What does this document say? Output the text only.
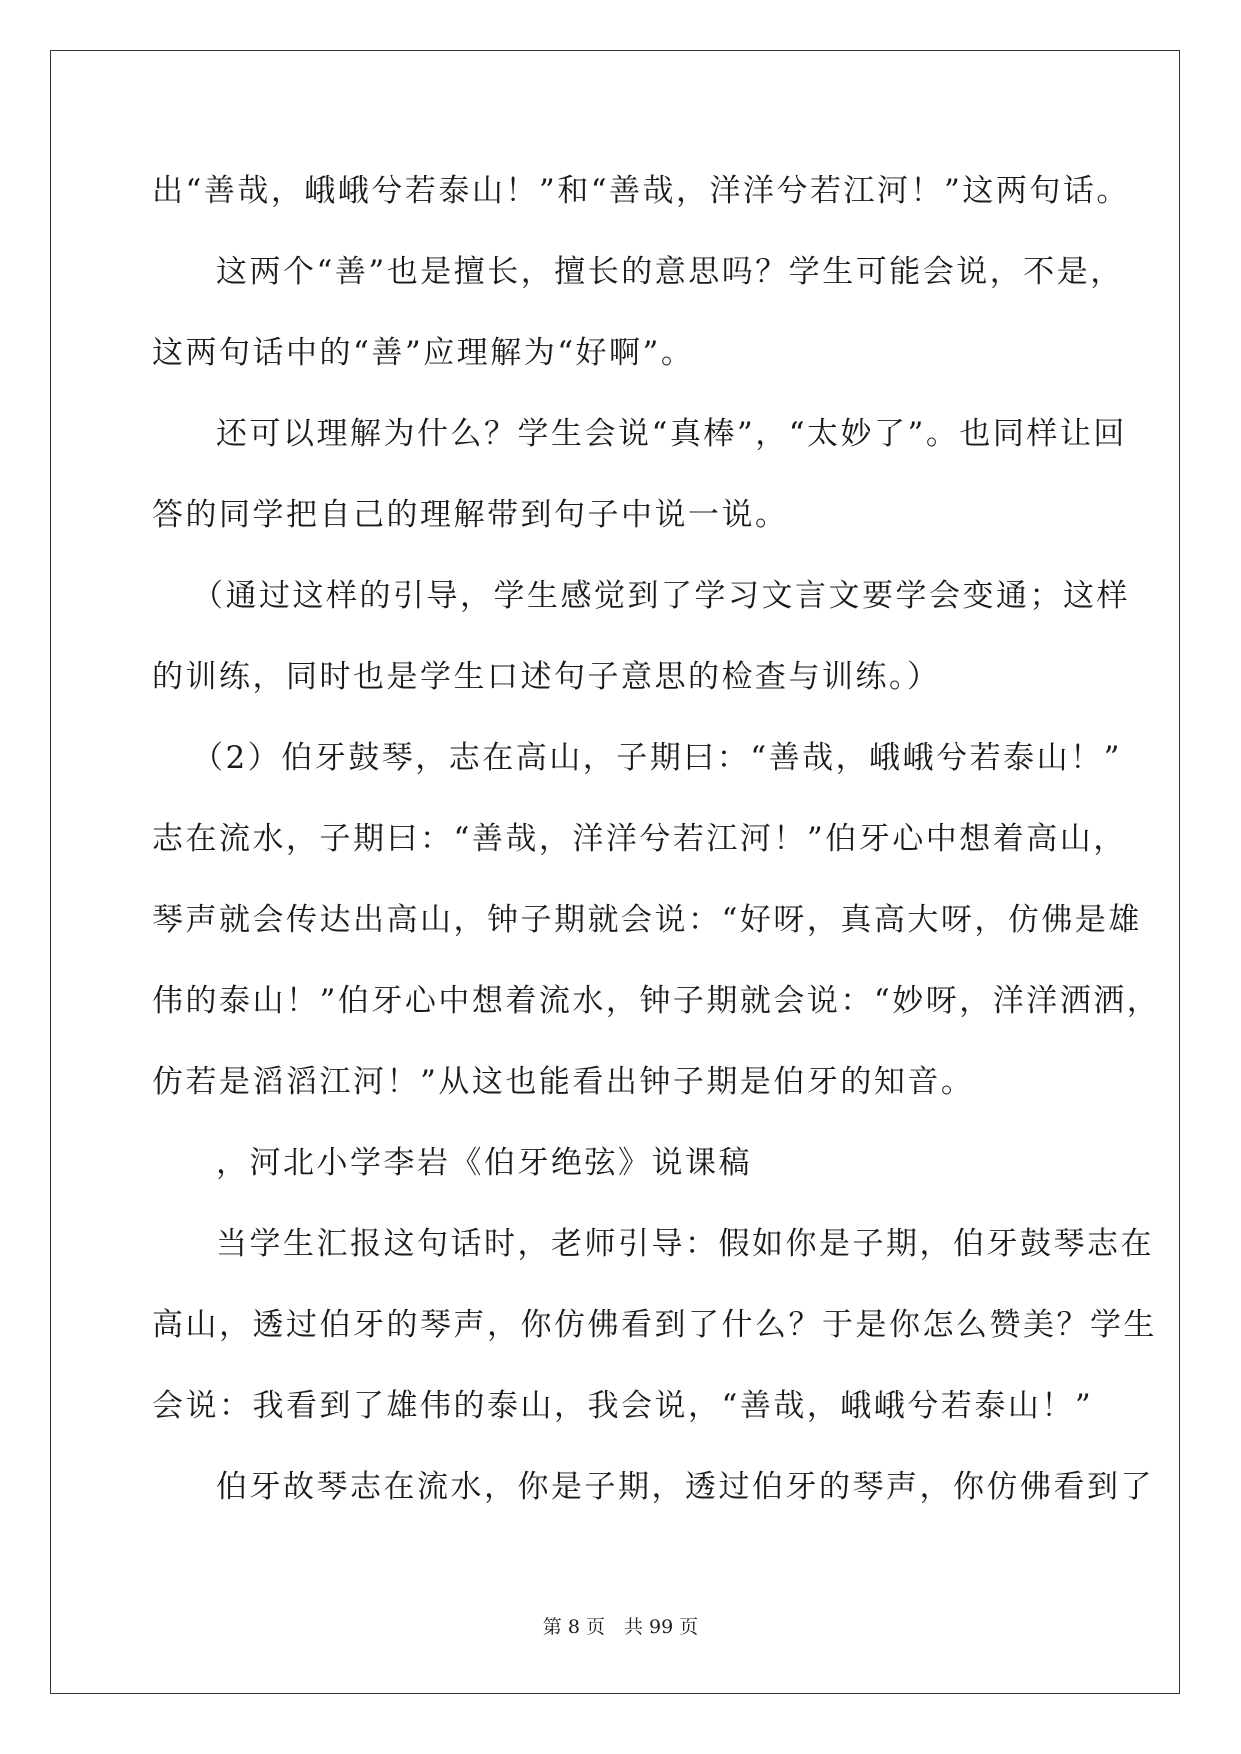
出“善哉，峨峨兮若泰山！”和“善哉，洋洋兮若江河！”这两句话。
这两个“善”也是擅长，擅长的意思吗？学生可能会说，不是，
这两句话中的“善”应理解为“好啊”。
还可以理解为什么？学生会说“真棒”，“太妙了”。也同样让回
答的同学把自己的理解带到句子中说一说。
（通过这样的引导，学生感觉到了学习文言文要学会变通；这样
的训练，同时也是学生口述句子意思的检查与训练。）
（2）伯牙鼓琴，志在高山，子期曰：“善哉，峨峨兮若泰山！”
志在流水，子期曰：“善哉，洋洋兮若江河！”伯牙心中想着高山，
琴声就会传达出高山，钟子期就会说：“好呀，真高大呀，仿佛是雄
伟的泰山！”伯牙心中想着流水，钟子期就会说：“妙呀，洋洋洒洒，
仿若是滔滔江河！”从这也能看出钟子期是伯牙的知音。
，河北小学李岩《伯牙绝弦》说课稿
当学生汇报这句话时，老师引导：假如你是子期，伯牙鼓琴志在
高山，透过伯牙的琴声，你仿佛看到了什么？于是你怎么赞美？学生
会说：我看到了雄伟的泰山，我会说，“善哉，峨峨兮若泰山！”
伯牙故琴志在流水，你是子期，透过伯牙的琴声，你仿佛看到了
第 8 页　共 99 页
